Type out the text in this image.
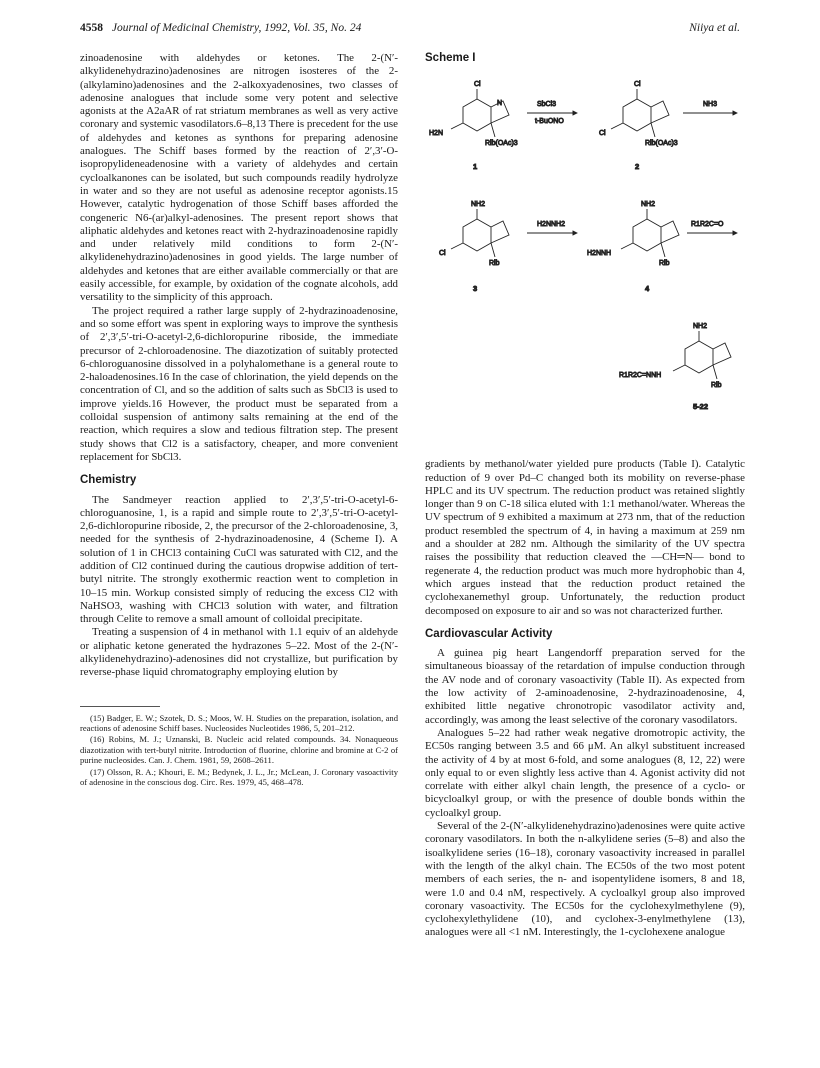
4558 Journal of Medicinal Chemistry, 1992, Vol. 35, No. 24	Niiya et al.

zinoadenosine with aldehydes or ketones. The 2-(N′-alkylidenehydrazino)adenosines are nitrogen isosteres of the 2-(alkylamino)adenosines and the 2-alkoxyadenosines, two classes of adenosine analogues that include some very potent and selective agonists at the A2aAR of rat striatum membranes as well as very active coronary and systemic vasodilators.6–8,13 There is precedent for the use of aldehydes and ketones as synthons for preparing adenosine analogues. The Schiff bases formed by the reaction of 2′,3′-O-isopropylideneadenosine with a variety of aldehydes and certain cycloalkanones can be isolated, but such compounds readily hydrolyze in water and so they are not useful as adenosine receptor agonists.15 However, catalytic hydrogenation of those Schiff bases afforded the congeneric N6-(ar)alkyl-adenosines. The present report shows that aliphatic aldehydes and ketones react with 2-hydrazinoadenosine rapidly and under relatively mild conditions to form 2-(N′-alkylidenehydrazino)adenosines in good yields. The large number of aldehydes and ketones that are either available commercially or that are easily accessible, for example, by oxidation of the cognate alcohols, add versatility to the simplicity of this approach.

The project required a rather large supply of 2-hydrazinoadenosine, and so some effort was spent in exploring ways to improve the synthesis of 2′,3′,5′-tri-O-acetyl-2,6-dichloropurine riboside, the immediate precursor of 2-chloroadenosine. The diazotization of suitably protected 6-chloroguanosine dissolved in a polyhalomethane is a general route to 2-haloadenosines.16 In the case of chlorination, the yield depends on the concentration of Cl, and so the addition of salts such as SbCl3 is used to improve yields.16 However, the product must be separated from a colloidal suspension of antimony salts remaining at the end of the reaction, which requires a slow and tedious filtration step. The present study shows that Cl2 is a satisfactory, cheaper, and more convenient replacement for SbCl3.

Chemistry

The Sandmeyer reaction applied to 2′,3′,5′-tri-O-acetyl-6-chloroguanosine, 1, is a rapid and simple route to 2′,3′,5′-tri-O-acetyl-2,6-dichloropurine riboside, 2, the precursor of the 2-chloroadenosine, 3, needed for the synthesis of 2-hydrazinoadenosine, 4 (Scheme I). A solution of 1 in CHCl3 containing CuCl was saturated with Cl2, and the addition of Cl2 continued during the cautious dropwise addition of tert-butyl nitrite. The strongly exothermic reaction went to completion in 10–15 min. Workup consisted simply of reducing the excess Cl2 with NaHSO3, washing with CHCl3 solution with water, and filtration through Celite to remove a small amount of colloidal precipitate.

Treating a suspension of 4 in methanol with 1.1 equiv of an aldehyde or aliphatic ketone generated the hydrazones 5–22. Most of the 2-(N′-alkylidenehydrazino)-adenosines did not crystallize, but purification by reverse-phase liquid chromatography employing elution by

(15) Badger, E. W.; Szotek, D. S.; Moos, W. H. Studies on the preparation, isolation, and reactions of adenosine Schiff bases. Nucleosides Nucleotides 1986, 5, 201–212.

(16) Robins, M. J.; Uznanski, B. Nucleic acid related compounds. 34. Nonaqueous diazotization with tert-butyl nitrite. Introduction of fluorine, chlorine and bromine at C-2 of purine nucleosides. Can. J. Chem. 1981, 59, 2608–2611.

(17) Olsson, R. A.; Khouri, E. M.; Bedynek, J. L., Jr.; McLean, J. Coronary vasoactivity of adenosine in the conscious dog. Circ. Res. 1979, 45, 468–478.

Scheme I
Cl
H2N
Rib(OAc)3
N
1
SbCl3
t-BuONO
Cl
Cl
Rib(OAc)3
2
NH3
NH2
Cl
Rib
3
H2NNH2
NH2
H2NNH
Rib
4
R1R2C=O
NH2
R1R2C=NNH
Rib
5-22

gradients by methanol/water yielded pure products (Table I). Catalytic reduction of 9 over Pd–C changed both its mobility on reverse-phase HPLC and its UV spectrum. The reduction product was retained slightly longer than 9 on C-18 silica eluted with 1:1 methanol/water. Whereas the UV spectrum of 9 exhibited a maximum at 273 nm, that of the reduction product resembled the spectrum of 4, in having a maximum at 259 nm and a shoulder at 282 nm. Although the similarity of the UV spectra raises the possibility that reduction cleaved the —CH═N— bond to regenerate 4, the reduction product was much more hydrophobic than 4, which argues instead that the reduction product retained the cyclohexanemethyl group. Unfortunately, the reduction product decomposed on exposure to air and so was not characterized further.

Cardiovascular Activity

A guinea pig heart Langendorff preparation served for the simultaneous bioassay of the retardation of impulse conduction through the AV node and of coronary vasoactivity (Table II). As expected from the low activity of 2-aminoadenosine, 2-hydrazinoadenosine, 4, exhibited little negative chronotropic vasodilator activity and, accordingly, was among the least selective of the coronary vasodilators.

Analogues 5–22 had rather weak negative dromotropic activity, the EC50s ranging between 3.5 and 66 μM. An alkyl substituent increased the activity of 4 by at most 6-fold, and some analogues (8, 12, 22) were only equal to or even slightly less active than 4. Agonist activity did not correlate with either alkyl chain length, the presence of a cyclo- or bicycloalkyl group, or with the presence of double bonds within the cycloalkyl group.

Several of the 2-(N′-alkylidenehydrazino)adenosines were quite active coronary vasodilators. In both the n-alkylidene series (5–8) and also the isoalkylidene series (16–18), coronary vasoactivity increased in parallel with the length of the alkyl chain. The EC50s of the two most potent members of each series, the n- and isopentylidene isomers, 8 and 18, were 1.0 and 0.4 nM, respectively. A cycloalkyl group also improved coronary vasoactivity. The EC50s for the cyclohexylmethylene (9), cyclohexylethylidene (10), and cyclohex-3-enylmethylene (13), analogues were all <1 nM. Interestingly, the 1-cyclohexene analogue
